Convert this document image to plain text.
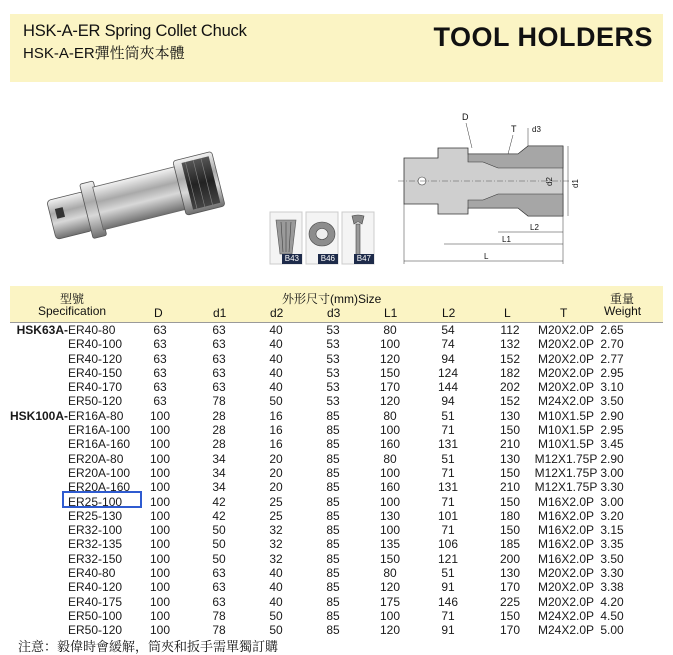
HSK-A-ER Spring Collet Chuck
HSK-A-ER彈性筒夾本體
TOOL HOLDERS
B43	B46	B47
D
T d3
d2 d1
L2
L1
L
型號
Specification
外形尺寸(mm)Size	重量
Weight
D	d1	d2	d3	L1	L2	L	T
HSK63A- ER40-80	63	63	40	53	80	54	112	M20X2.0P 2.65
ER40-100	63	63	40	53	100	74	132	M20X2.0P 2.70
ER40-120	63	63	40	53	120	94	152	M20X2.0P 2.77
ER40-150	63	63	40	53	150	124	182	M20X2.0P 2.95
ER40-170	63	63	40	53	170	144	202	M20X2.0P 3.10
ER50-120	63	78	50	53	120	94	152	M24X2.0P 3.50
HSK100A- ER16A-80	100	28	16	85	80	51	130	M10X1.5P 2.90
ER16A-100	100	28	16	85	100	71	150	M10X1.5P 2.95
ER16A-160	100	28	16	85	160	131	210	M10X1.5P 3.45
ER20A-80	100	34	20	85	80	51	130	M12X1.75P 2.90
ER20A-100	100	34	20	85	100	71	150	M12X1.75P 3.00
ER20A-160	100	34	20	85	160	131	210	M12X1.75P 3.30
ER25-100	100	42	25	85	100	71	150	M16X2.0P 3.00
ER25-130	100	42	25	85	130	101	180	M16X2.0P 3.20
ER32-100	100	50	32	85	100	71	150	M16X2.0P 3.15
ER32-135	100	50	32	85	135	106	185	M16X2.0P 3.35
ER32-150	100	50	32	85	150	121	200	M16X2.0P 3.50
ER40-80	100	63	40	85	80	51	130	M20X2.0P 3.30
ER40-120	100	63	40	85	120	91	170	M20X2.0P 3.38
ER40-175	100	63	40	85	175	146	225	M20X2.0P 4.20
ER50-100	100	78	50	85	100	71	150	M24X2.0P 4.50
ER50-120	100	78	50	85	120	91	170	M24X2.0P 5.00
注意：毅偉時會緩解，筒夾和扳手需單獨訂購
